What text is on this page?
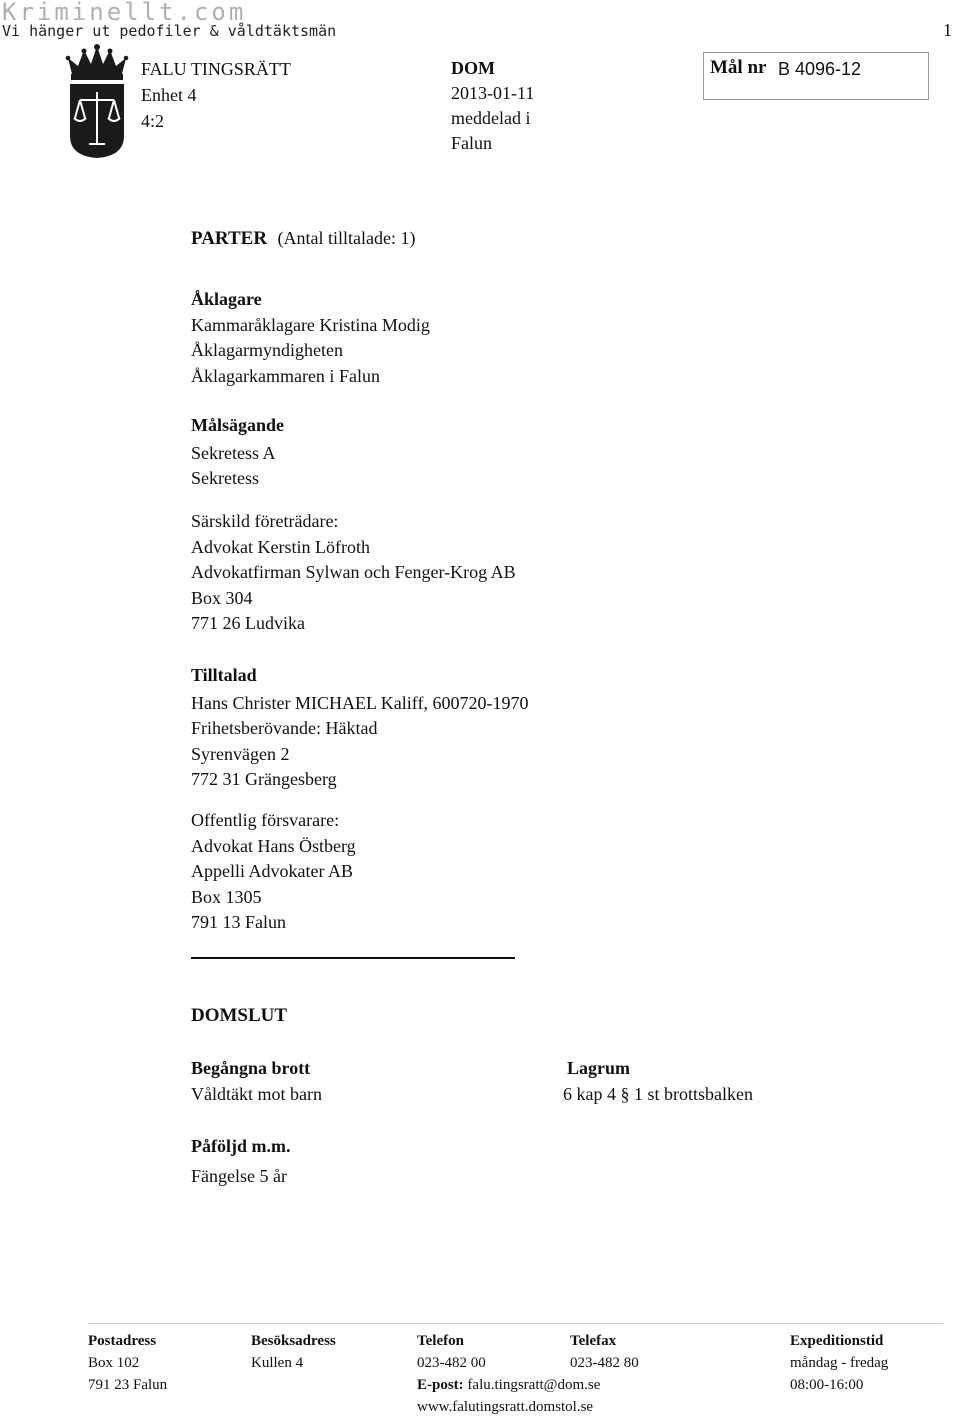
Kriminellt.com
Vi hänger ut pedofiler & våldtäktsmän	1
FALU TINGSRÄTT
Enhet 4
4:2
DOM
2013-01-11
meddelad i
Falun
Mål nr B 4096-12
PARTER (Antal tilltalade: 1)
Åklagare
Kammaråklagare Kristina Modig
Åklagarmyndigheten
Åklagarkammaren i Falun
Målsägande
Sekretess A
Sekretess
Särskild företrädare:
Advokat Kerstin Löfroth
Advokatfirman Sylwan och Fenger-Krog AB
Box 304
771 26 Ludvika
Tilltalad
Hans Christer MICHAEL Kaliff, 600720-1970
Frihetsberövande: Häktad
Syrenvägen 2
772 31 Grängesberg
Offentlig försvarare:
Advokat Hans Östberg
Appelli Advokater AB
Box 1305
791 13 Falun
DOMSLUT
Begångna brott
Våldtäkt mot barn
Lagrum
6 kap 4 § 1 st brottsbalken
Påföljd m.m.
Fängelse 5 år
Postadress
Box 102
791 23 Falun
Besöksadress
Kullen 4
Telefon
023-482 00
E-post: falu.tingsratt@dom.se
www.falutingsratt.domstol.se
Telefax
023-482 80
Expeditionstid
måndag - fredag
08:00-16:00
